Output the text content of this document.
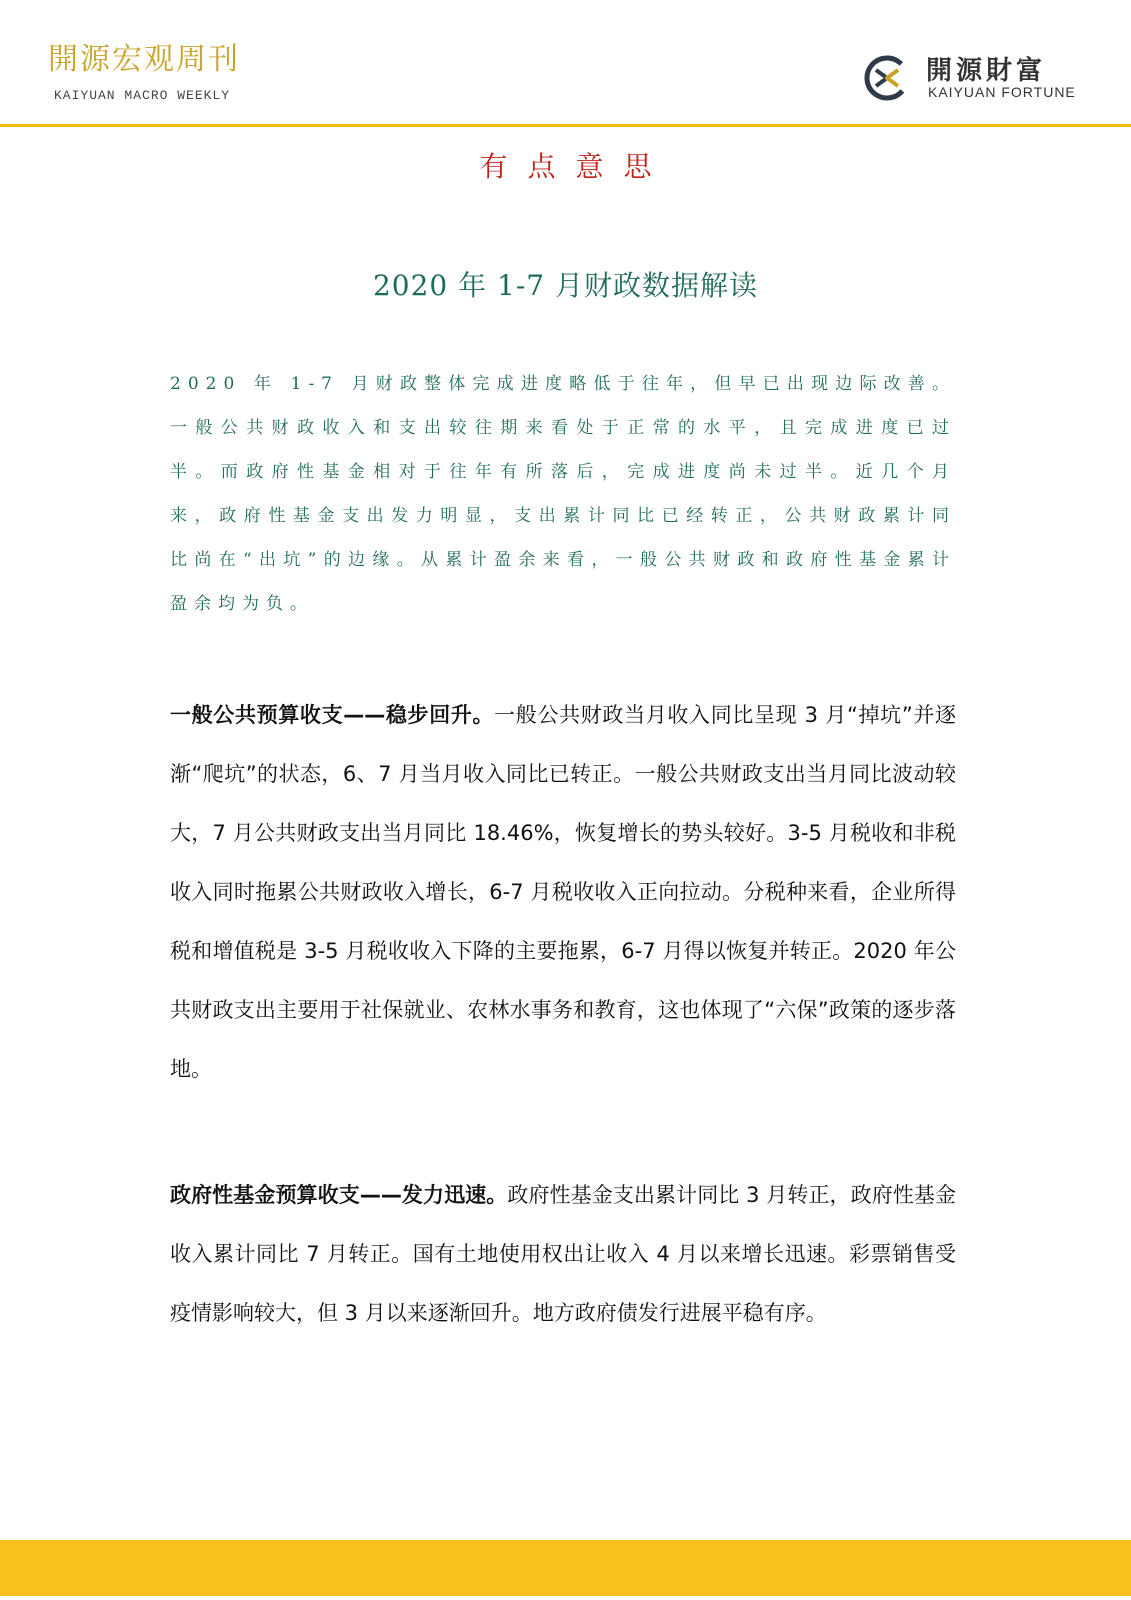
開源宏观周刊
KAIYUAN MACRO WEEKLY
開源財富
KAIYUAN FORTUNE
有点意思
2020 年 1-7 月财政数据解读

2020 年 1-7 月财政整体完成进度略低于往年，但早已出现边际改善。一般公共财政收入和支出较往期来看处于正常的水平，且完成进度已过半。而政府性基金相对于往年有所落后，完成进度尚未过半。近几个月来，政府性基金支出发力明显，支出累计同比已经转正，公共财政累计同比尚在“出坑”的边缘。从累计盈余来看，一般公共财政和政府性基金累计盈余均为负。

一般公共预算收支——稳步回升。一般公共财政当月收入同比呈现 3 月“掉坑”并逐渐“爬坑”的状态，6、7 月当月收入同比已转正。一般公共财政支出当月同比波动较大，7 月公共财政支出当月同比 18.46%，恢复增长的势头较好。3-5 月税收和非税收入同时拖累公共财政收入增长，6-7 月税收收入正向拉动。分税种来看，企业所得税和增值税是 3-5 月税收收入下降的主要拖累，6-7 月得以恢复并转正。2020 年公共财政支出主要用于社保就业、农林水事务和教育，这也体现了“六保”政策的逐步落地。

政府性基金预算收支——发力迅速。政府性基金支出累计同比 3 月转正，政府性基金收入累计同比 7 月转正。国有土地使用权出让收入 4 月以来增长迅速。彩票销售受疫情影响较大，但 3 月以来逐渐回升。地方政府债发行进展平稳有序。
